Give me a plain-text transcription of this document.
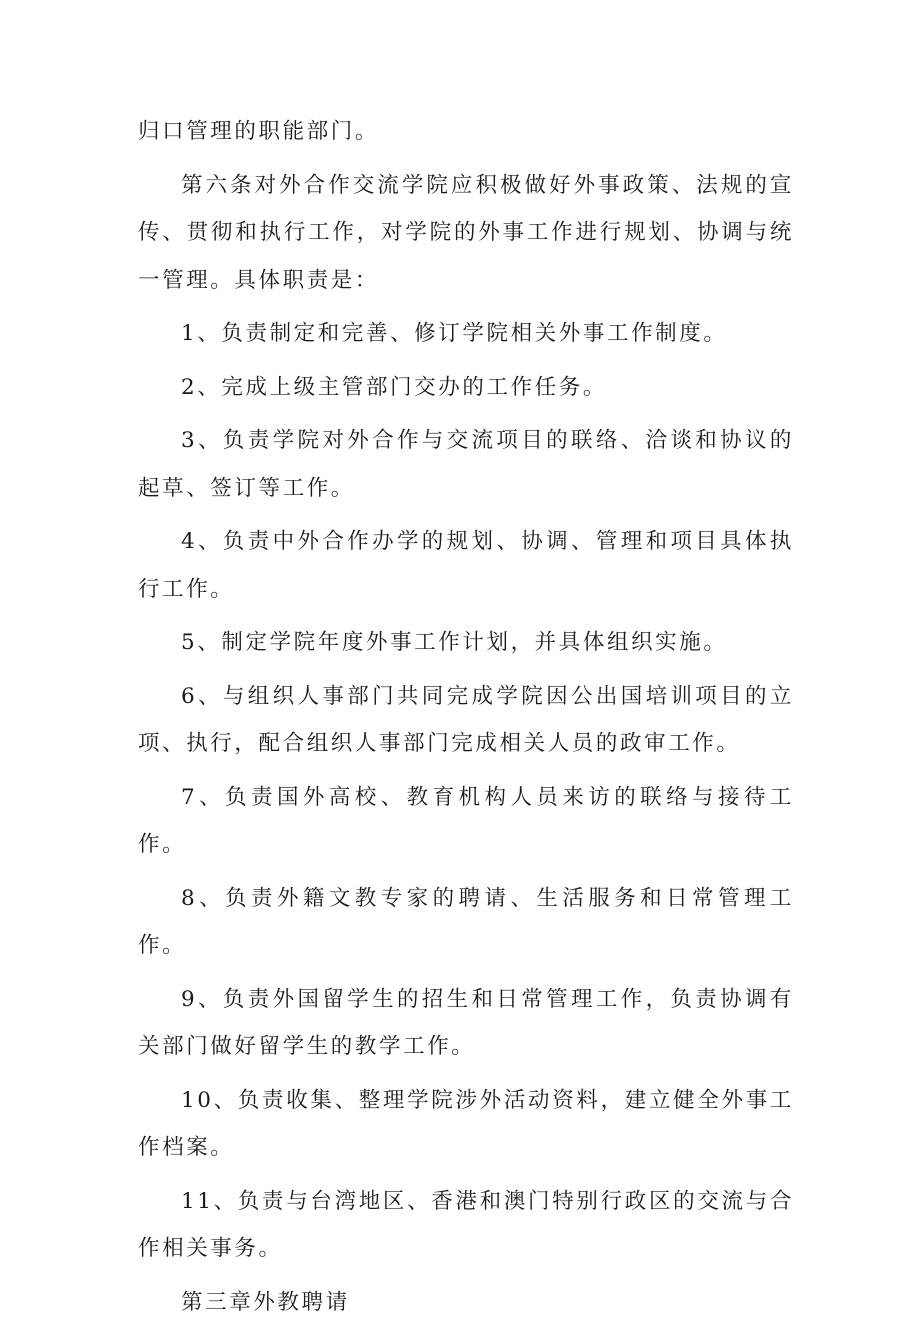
归口管理的职能部门。

第六条对外合作交流学院应积极做好外事政策、法规的宣传、贯彻和执行工作，对学院的外事工作进行规划、协调与统一管理。具体职责是：

1、负责制定和完善、修订学院相关外事工作制度。

2、完成上级主管部门交办的工作任务。

3、负责学院对外合作与交流项目的联络、洽谈和协议的起草、签订等工作。

4、负责中外合作办学的规划、协调、管理和项目具体执行工作。

5、制定学院年度外事工作计划，并具体组织实施。

6、与组织人事部门共同完成学院因公出国培训项目的立项、执行，配合组织人事部门完成相关人员的政审工作。

7、负责国外高校、教育机构人员来访的联络与接待工作。

8、负责外籍文教专家的聘请、生活服务和日常管理工作。

9、负责外国留学生的招生和日常管理工作，负责协调有关部门做好留学生的教学工作。

10、负责收集、整理学院涉外活动资料，建立健全外事工作档案。

11、负责与台湾地区、香港和澳门特别行政区的交流与合作相关事务。

第三章外教聘请
